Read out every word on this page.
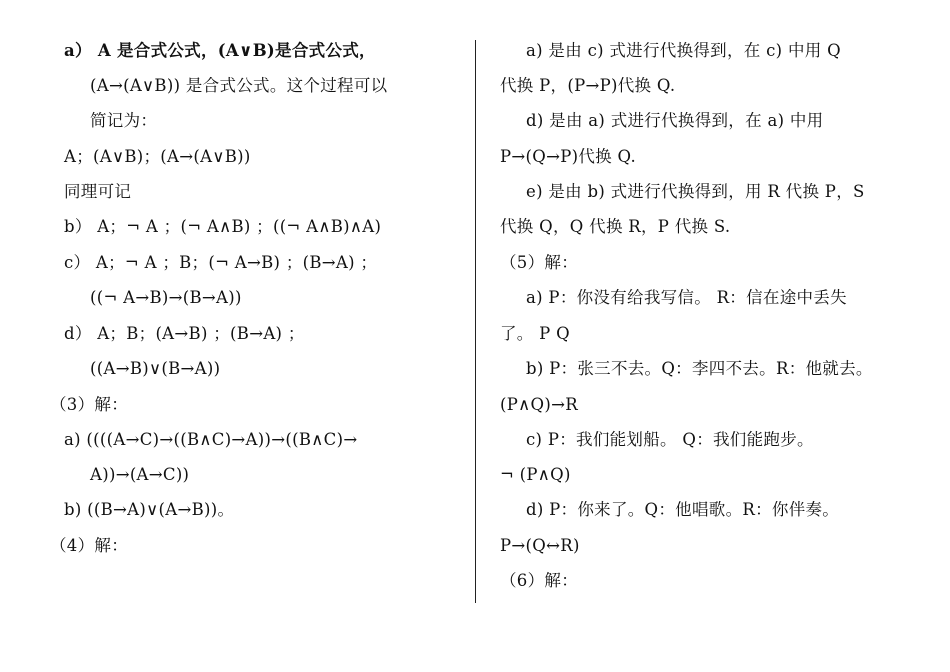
a） A 是合式公式，(A∨B)是合式公式，
(A→(A∨B)) 是合式公式。这个过程可以
简记为：
A；(A∨B)；(A→(A∨B))
同理可记
b） A；¬ A ；(¬ A∧B) ；((¬ A∧B)∧A)
c） A；¬ A ；B；(¬ A→B) ；(B→A) ；
((¬ A→B)→(B→A))
d） A；B；(A→B) ；(B→A) ；
((A→B)∨(B→A))
（3）解：
a) ((((A→C)→((B∧C)→A))→((B∧C)→
A))→(A→C))
b) ((B→A)∨(A→B))。
（4）解：
a) 是由 c) 式进行代换得到，在 c) 中用 Q
代换 P，(P→P)代换 Q.
d) 是由 a) 式进行代换得到，在 a) 中用
P→(Q→P)代换 Q.
e) 是由 b) 式进行代换得到，用 R 代换 P，S
代换 Q，Q 代换 R，P 代换 S.
（5）解：
a) P：你没有给我写信。 R：信在途中丢失
了。 P Q
b) P：张三不去。Q：李四不去。R：他就去。
(P∧Q)→R
c) P：我们能划船。 Q：我们能跑步。
¬ (P∧Q)
d) P：你来了。Q：他唱歌。R：你伴奏。
P→(Q↔R)
（6）解：
